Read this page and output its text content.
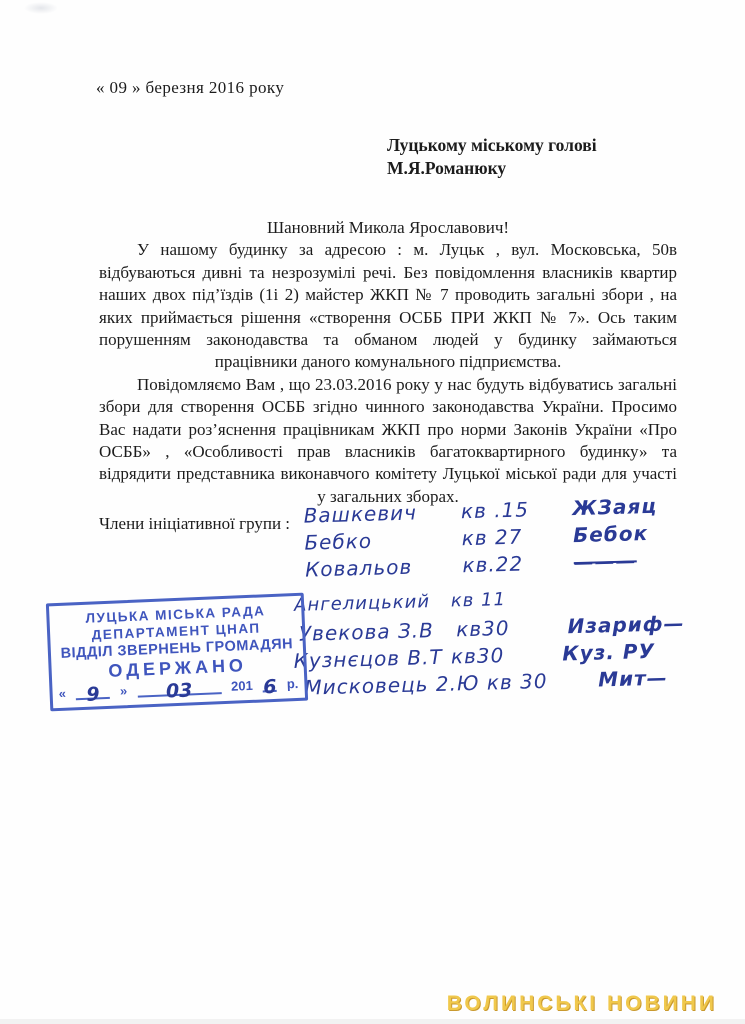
« 09 » березня 2016 року
Луцькому міському голові
М.Я.Романюку
Шановний Микола Ярославович!

У нашому будинку за адресою : м. Луцьк , вул. Московська, 50в відбуваються дивні та незрозумілі речі. Без повідомлення власників квартир наших двох під’їздів (1і 2) майстер ЖКП № 7 проводить загальні збори , на яких приймається рішення «створення ОСББ ПРИ ЖКП № 7». Ось таким порушенням законодавства та обманом людей у будинку займаються працівники даного комунального підприємства.

Повідомляємо Вам , що 23.03.2016 року у нас будуть відбуватись загальні збори для створення ОСББ згідно чинного законодавства України. Просимо Вас надати роз’яснення працівникам ЖКП про норми Законів України «Про ОСББ» , «Особливості прав власників багатоквартирного будинку» та відрядити представника виконавчого комітету Луцької міської ради для участі у загальних зборах.

Члени ініціативної групи : Вашкевич кв .15 ЖЗаяц
Бебко	кв 27 Бебок
Ковальов кв.22 ———
Ангелицький кв 11
Увекова З.В кв30	Изариф—
Кузнєцов В.Т кв30	Куз. РУ
Мисковець 2.Ю кв 30 Мит—
ЛУЦЬКА МІСЬКА РАДА
ДЕПАРТАМЕНТ ЦНАП
ВІДДІЛ ЗВЕРНЕНЬ ГРОМАДЯН
ОДЕРЖАНО
«	9	»	03	201 6 р.
ВОЛИНСЬКІ НОВИНИ
